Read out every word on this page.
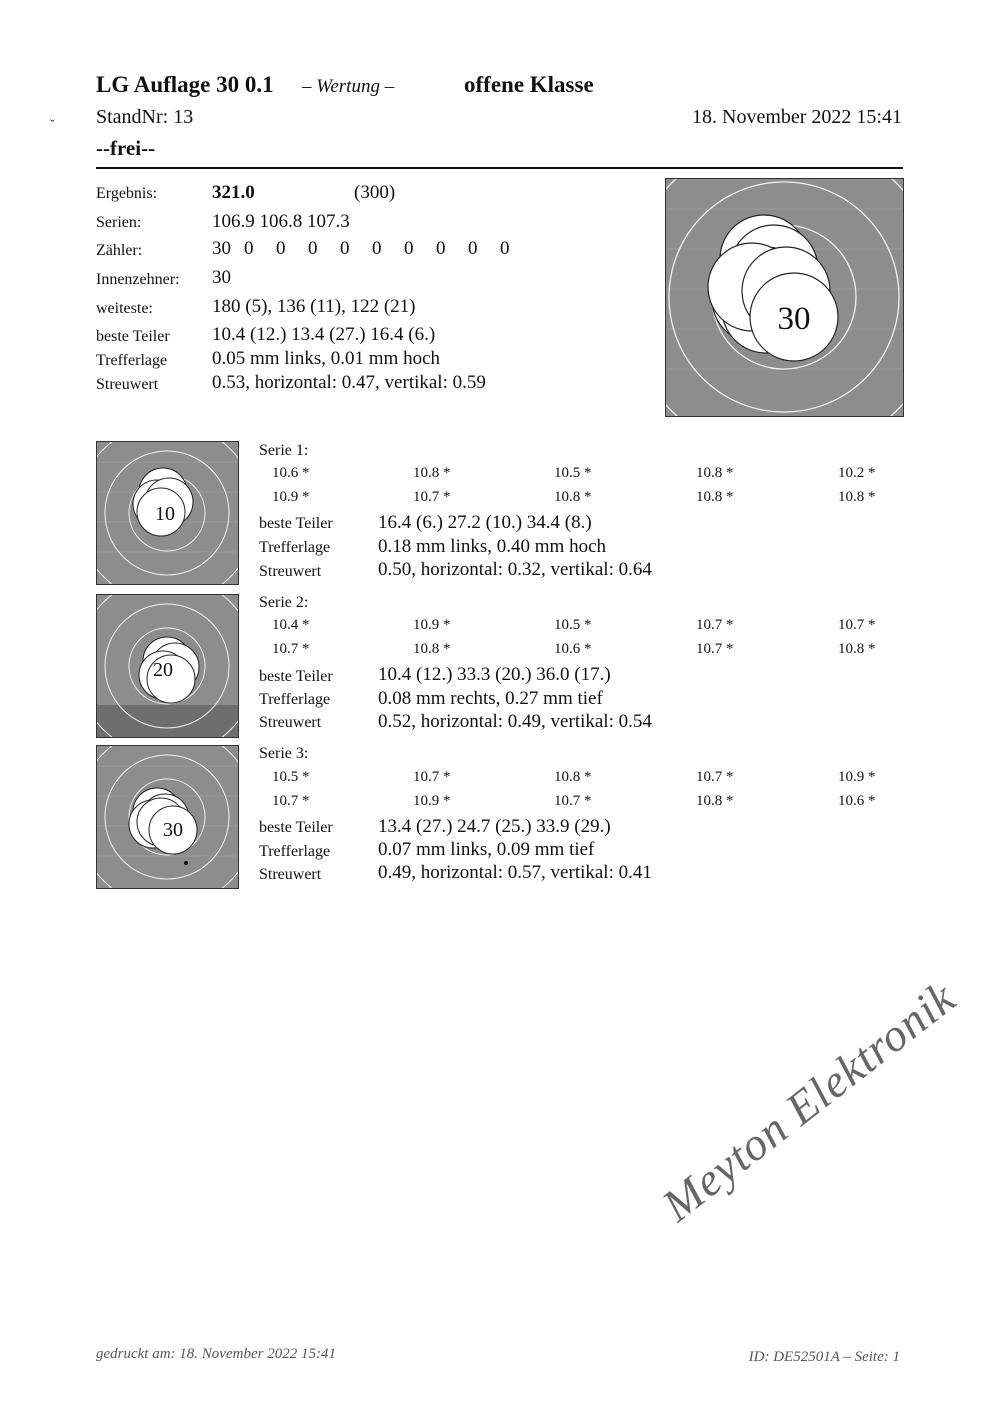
ˇ
LG Auflage 30 0.1 – Wertung –	offene Klasse
StandNr: 13	18. November 2022 15:41
--frei--
Ergebnis:	321.0	(300)
Serien:	106.9 106.8 107.3
Zähler:	30 0	0	0	0	0	0	0	0	0
Innenzehner: 30
weiteste:	180 (5), 136 (11), 122 (21)
beste Teiler 10.4 (12.) 13.4 (27.) 16.4 (6.)
Trefferlage 0.05 mm links, 0.01 mm hoch
Streuwert	0.53, horizontal: 0.47, vertikal: 0.59
30
10
Serie 1:
10.6 *	10.8 *	10.5 *	10.8 *	10.2 *
10.9 *	10.7 *	10.8 *	10.8 *	10.8 *
beste Teiler 16.4 (6.) 27.2 (10.) 34.4 (8.)
Trefferlage	0.18 mm links, 0.40 mm hoch
Streuwert	0.50, horizontal: 0.32, vertikal: 0.64
20
Serie 2:
10.4 *	10.9 *	10.5 *	10.7 *	10.7 *
10.7 *	10.8 *	10.6 *	10.7 *	10.8 *
beste Teiler 10.4 (12.) 33.3 (20.) 36.0 (17.)
Trefferlage	0.08 mm rechts, 0.27 mm tief
Streuwert	0.52, horizontal: 0.49, vertikal: 0.54
30
Serie 3:
10.5 *	10.7 *	10.8 *	10.7 *	10.9 *
10.7 *	10.9 *	10.7 *	10.8 *	10.6 *
beste Teiler 13.4 (27.) 24.7 (25.) 33.9 (29.)
Trefferlage	0.07 mm links, 0.09 mm tief
Streuwert	0.49, horizontal: 0.57, vertikal: 0.41
Meyton Elektronik
gedruckt am: 18. November 2022 15:41	ID: DE52501A – Seite: 1
